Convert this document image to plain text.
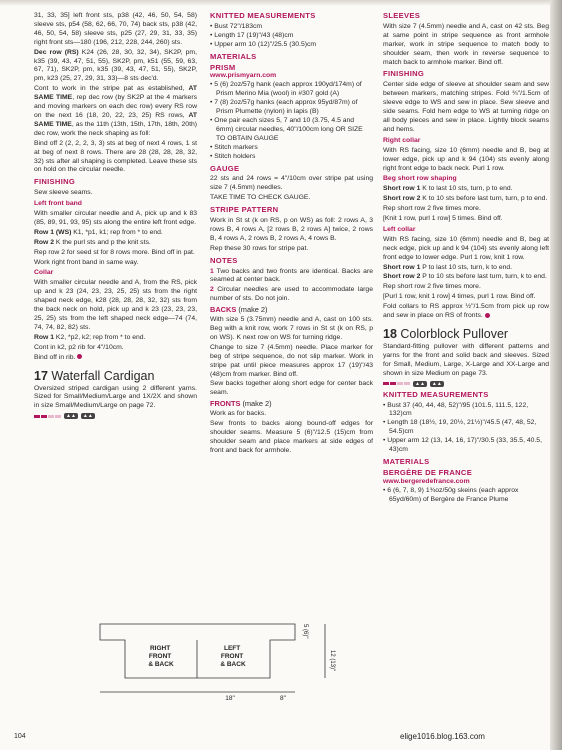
31, 33, 35] left front sts, p38 (42, 46, 50, 54, 58) sleeve sts, p54 (58, 62, 66, 70, 74) back sts, p38 (42, 46, 50, 54, 58) sleeve sts, p25 (27, 29, 31, 33, 35) right front sts—180 (196, 212, 228, 244, 260) sts.

Dec row (RS) K24 (26, 28, 30, 32, 34), SK2P, pm, k35 (39, 43, 47, 51, 55), SK2P, pm, k51 (55, 59, 63, 67, 71), SK2P, pm, k35 (39, 43, 47, 51, 55), SK2P, pm, k23 (25, 27, 29, 31, 33)—8 sts dec'd.

Cont to work in the stripe pat as established, AT SAME TIME, rep dec row (by SK2P at the 4 markers and moving markers on each dec row) every RS row on the next 16 (18, 20, 22, 23, 25) RS rows, AT SAME TIME, as the 11th (13th, 15th, 17th, 18th, 20th) dec row, work the neck shaping as foll:

Bind off 2 (2, 2, 2, 3, 3) sts at beg of next 4 rows, 1 st at beg of next 8 rows. There are 28 (28, 28, 28, 32, 32) sts after all shaping is completed. Leave these sts on hold on the circular needle.

FINISHING

Sew sleeve seams.

Left front band

With smaller circular needle and A, pick up and k 83 (85, 89, 91, 93, 95) sts along the entire left front edge.

Row 1 (WS) K1, *p1, k1; rep from * to end.

Row 2 K the purl sts and p the knit sts.

Rep row 2 for seed st for 8 rows more. Bind off in pat.

Work right front band in same way.

Collar

With smaller circular needle and A, from the RS, pick up and k 23 (24, 23, 23, 25, 25) sts from the right shaped neck edge, k28 (28, 28, 28, 32, 32) sts from the back neck on hold, pick up and k 23 (23, 23, 23, 25, 25) sts from the left shaped neck edge—74 (74, 74, 74, 82, 82) sts.

Row 1 K2, *p2, k2; rep from * to end.

Cont in k2, p2 rib for 4"/10cm.

Bind off in rib.

17 Waterfall Cardigan

Oversized striped cardigan using 2 different yarns. Sized for Small/Medium/Large and 1X/2X and shown in size Small/Medium/Large on page 72.

▲▲	▲▲
KNITTED MEASUREMENTS
• Bust 72"/183cm
• Length 17 (19)"/43 (48)cm
• Upper arm 10 (12)"/25.5 (30.5)cm
MATERIALS
PRISM
www.prismyarn.com
• 5 (6) 2oz/57g hank (each approx 190yd/174m) of Prism Merino Mia (wool) in #307 gold (A)
• 7 (8) 2oz/57g hanks (each approx 95yd/87m) of Prism Plumette (nylon) in lapis (B)
• One pair each sizes 5, 7 and 10 (3.75, 4.5 and 6mm) circular needles, 40"/100cm long OR SIZE TO OBTAIN GAUGE
• Stitch markers
• Stitch holders
GAUGE

22 sts and 24 rows = 4"/10cm over stripe pat using size 7 (4.5mm) needles.

TAKE TIME TO CHECK GAUGE.

STRIPE PATTERN

Work in St st (k on RS, p on WS) as foll: 2 rows A, 3 rows B, 4 rows A, [2 rows B, 2 rows A] twice, 2 rows B, 4 rows A, 2 rows B, 2 rows A, 4 rows B.

Rep these 30 rows for stripe pat.

NOTES

1 Two backs and two fronts are identical. Backs are seamed at center back.

2 Circular needles are used to accommodate large number of sts. Do not join.

BACKS (make 2)

With size 5 (3.75mm) needle and A, cast on 100 sts. Beg with a knit row, work 7 rows in St st (k on RS, p on WS). K next row on WS for turning ridge.

Change to size 7 (4.5mm) needle. Place marker for beg of stripe sequence, do not slip marker. Work in stripe pat until piece measures approx 17 (19)"/43 (48)cm from marker. Bind off.

Sew backs together along short edge for center back seam.

FRONTS (make 2)

Work as for backs.

Sew fronts to backs along bound-off edges for shoulder seams. Measure 5 (6)"/12.5 (15)cm from shoulder seam and place markers at side edges of front and back for armhole.

SLEEVES

With size 7 (4.5mm) needle and A, cast on 42 sts. Beg at same point in stripe sequence as front armhole marker, work in stripe sequence to match body to shoulder seam, then work in reverse sequence to match back to armhole marker. Bind off.

FINISHING

Center side edge of sleeve at shoulder seam and sew between markers, matching stripes. Fold ¾"/1.5cm of sleeve edge to WS and sew in place. Sew sleeve and side seams. Fold hem edge to WS at turning ridge on all body pieces and sew in place. Lightly block seams and hems.

Right collar

With RS facing, size 10 (6mm) needle and B, beg at lower edge, pick up and k 94 (104) sts evenly along right front edge to back neck. Purl 1 row.

Beg short row shaping

Short row 1 K to last 10 sts, turn, p to end.

Short row 2 K to 10 sts before last turn, turn, p to end.

Rep short row 2 five times more.

[Knit 1 row, purl 1 row] 5 times. Bind off.

Left collar

With RS facing, size 10 (6mm) needle and B, beg at neck edge, pick up and k 94 (104) sts evenly along left front edge to lower edge. Purl 1 row, knit 1 row.

Short row 1 P to last 10 sts, turn, k to end.

Short row 2 P to 10 sts before last turn, turn, k to end.

Rep short row 2 five times more.

[Purl 1 row, knit 1 row] 4 times, purl 1 row. Bind off.

Fold collars to RS approx ½"/1.5cm from pick up row and sew in place on RS of fronts.

18 Colorblock Pullover

Standard-fitting pullover with different patterns and yarns for the front and solid back and sleeves. Sized for Small, Medium, Large, X-Large and XX-Large and shown in size Medium on page 73.

▲▲	▲▲
KNITTED MEASUREMENTS
• Bust 37 (40, 44, 48, 52)"/95 (101.5, 111.5, 122, 132)cm
• Length 18 (18½, 19, 20½, 21½)"/45.5 (47, 48, 52, 54.5)cm
• Upper arm 12 (13, 14, 16, 17)"/30.5 (33, 35.5, 40.5, 43)cm
MATERIALS
BERGÈRE DE FRANCE
www.bergeredefrance.com
• 6 (6, 7, 8, 9) 1¾oz/50g skeins (each approx 65yd/60m) of Bergère de France Plume
RIGHT FRONT & BACK
LEFT FRONT & BACK
18"	8"
12 (13)"
5 (6)"
104	elige1016.blog.163.com
